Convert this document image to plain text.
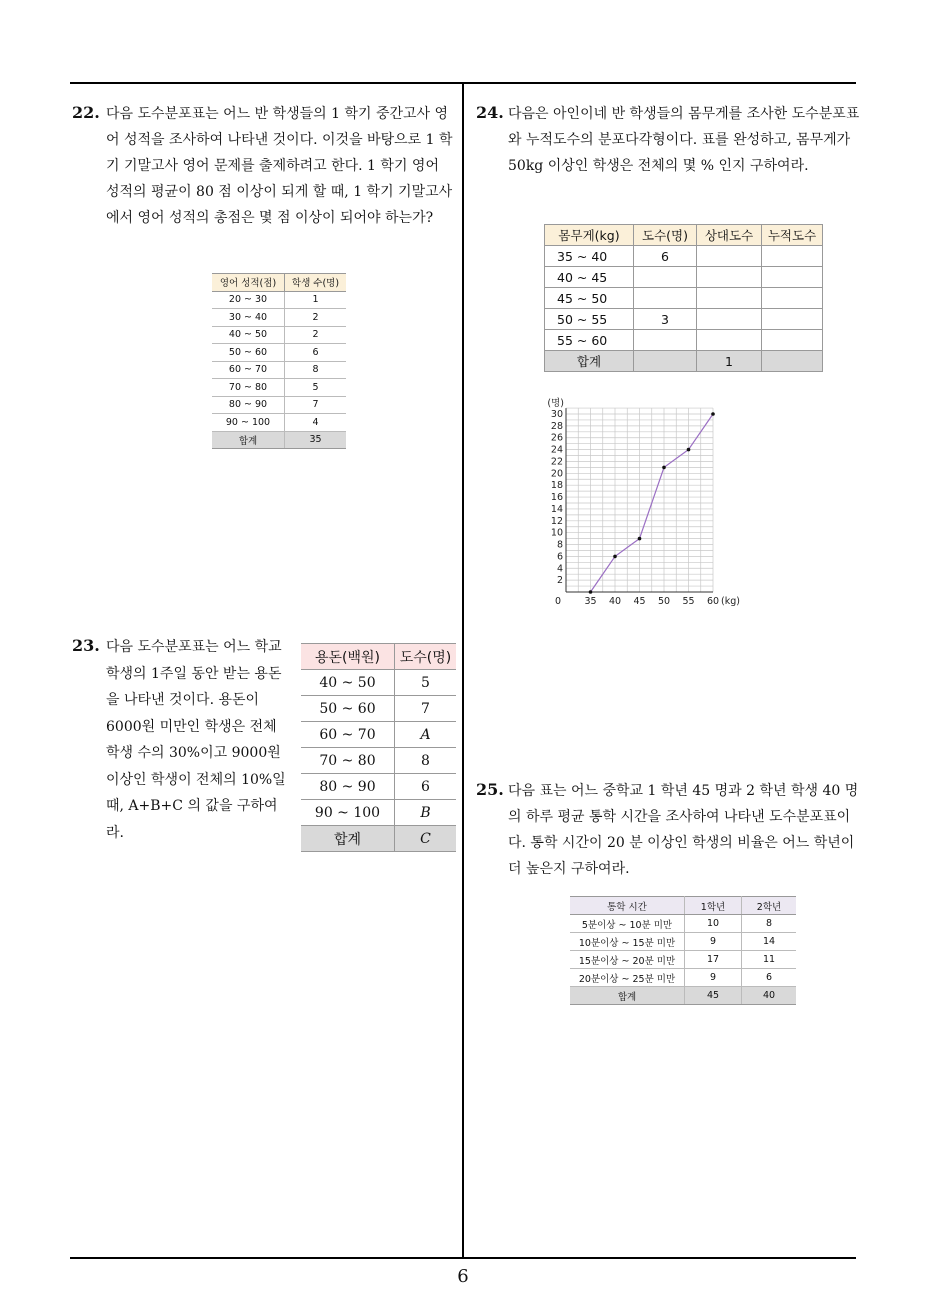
22. 다음 도수분포표는 어느 반 학생들의 1 학기 중간고사 영어 성적을 조사하여 나타낸 것이다. 이것을 바탕으로 1 학기 기말고사 영어 문제를 출제하려고 한다. 1 학기 영어 성적의 평균이 80 점 이상이 되게 할 때, 1 학기 기말고사에서 영어 성적의 총점은 몇 점 이상이 되어야 하는가?

영어 성적(점)	학생 수(명)
20 ~ 30	1
30 ~ 40	2
40 ~ 50	2
50 ~ 60	6
60 ~ 70	8
70 ~ 80	5
80 ~ 90	7
90 ~ 100	4
합계	35
23. 다음 도수분포표는 어느 학교 학생의 1주일 동안 받는 용돈을 나타낸 것이다. 용돈이 6000원 미만인 학생은 전체 학생 수의 30%이고 9000원 이상인 학생이 전체의 10%일 때, A+B+C 의 값을 구하여라.

용돈(백원)	도수(명)
40 ~ 50	5
50 ~ 60	7
60 ~ 70	A
70 ~ 80	8
80 ~ 90	6
90 ~ 100	B
합계	C
24. 다음은 아인이네 반 학생들의 몸무게를 조사한 도수분포표와 누적도수의 분포다각형이다. 표를 완성하고, 몸무게가 50kg 이상인 학생은 전체의 몇 % 인지 구하여라.

몸무게(kg)	도수(명)	상대도수	누적도수
35 ~ 40	6		
40 ~ 45			
45 ~ 50			
50 ~ 55	3		
55 ~ 60			
합계		1	
2
4
6
8
10
12
14
16
18
20
22
24
26
28
30
(명)
0 35 40 45 50 55 60 (kg)
25. 다음 표는 어느 중학교 1 학년 45 명과 2 학년 학생 40 명의 하루 평균 통학 시간을 조사하여 나타낸 도수분포표이다. 통학 시간이 20 분 이상인 학생의 비율은 어느 학년이 더 높은지 구하여라.

통학 시간	1학년	2학년
5분이상 ~ 10분 미만	10	8
10분이상 ~ 15분 미만	9	14
15분이상 ~ 20분 미만	17	11
20분이상 ~ 25분 미만	9	6
합계	45	40
6
